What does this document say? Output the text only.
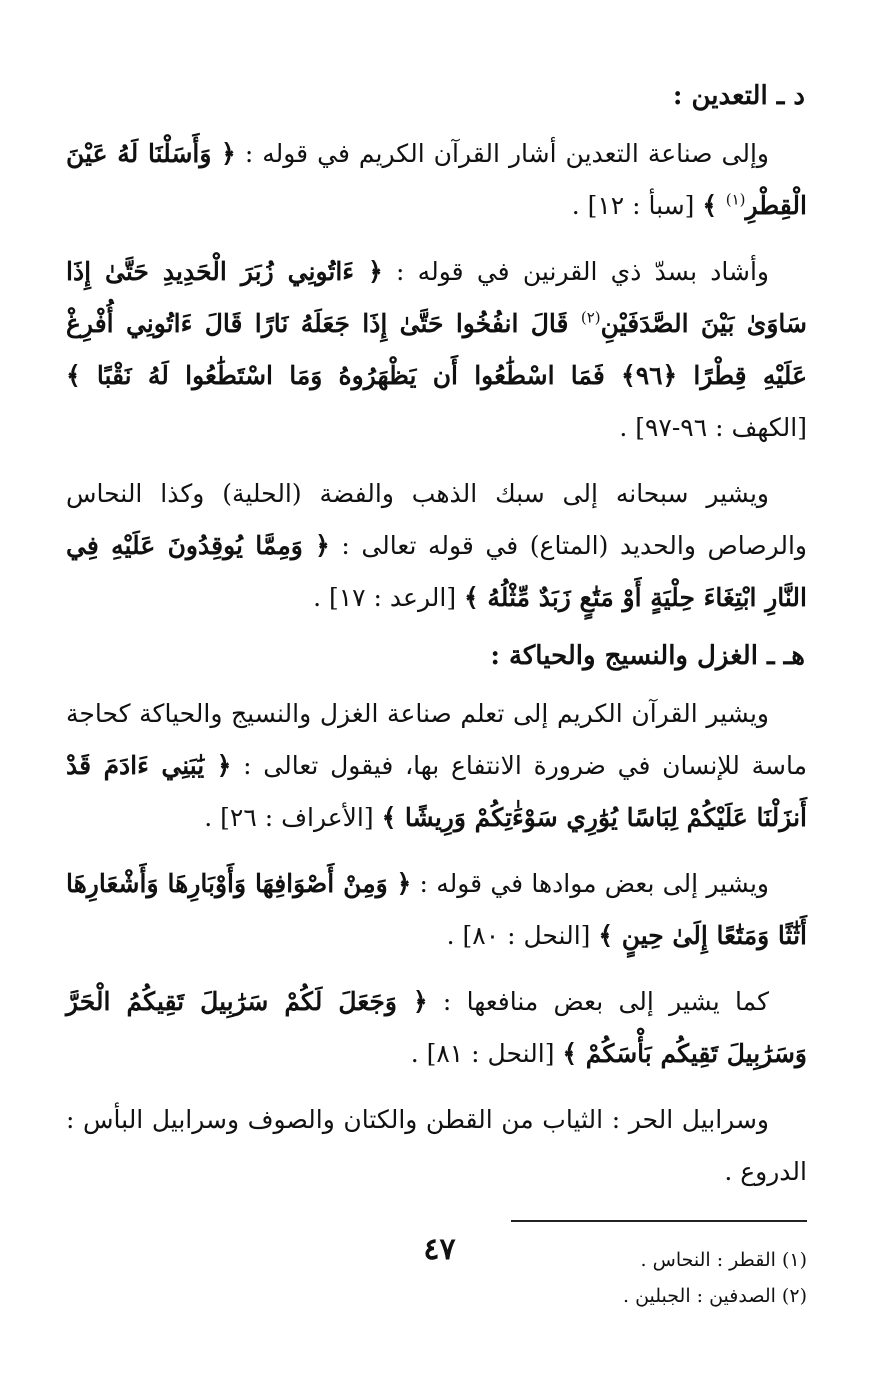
د ـ التعدين :

وإلى صناعة التعدين أشار القرآن الكريم في قوله : ﴿ وَأَسَلْنَا لَهُ عَيْنَ الْقِطْرِ$^{(١)}$ ﴾ [سبأ : ١٢] .

وأشاد بسدّ ذي القرنين في قوله : ﴿ ءَاتُونِي زُبَرَ الْحَدِيدِ حَتَّىٰ إِذَا سَاوَىٰ بَيْنَ الصَّدَفَيْنِ$^{(٢)}$ قَالَ انفُخُوا حَتَّىٰ إِذَا جَعَلَهُ نَارًا قَالَ ءَاتُونِي أُفْرِغْ عَلَيْهِ قِطْرًا ﴿٩٦﴾ فَمَا اسْطَٰعُوا أَن يَظْهَرُوهُ وَمَا اسْتَطَٰعُوا لَهُ نَقْبًا ﴾ [الكهف : ٩٦-٩٧] .

ويشير سبحانه إلى سبك الذهب والفضة (الحلية) وكذا النحاس والرصاص والحديد (المتاع) في قوله تعالى : ﴿ وَمِمَّا يُوقِدُونَ عَلَيْهِ فِي النَّارِ ابْتِغَاءَ حِلْيَةٍ أَوْ مَتَٰعٍ زَبَدٌ مِّثْلُهُ ﴾ [الرعد : ١٧] .

هـ ـ الغزل والنسيج والحياكة :

ويشير القرآن الكريم إلى تعلم صناعة الغزل والنسيج والحياكة كحاجة ماسة للإنسان في ضرورة الانتفاع بها، فيقول تعالى : ﴿ يَٰبَنِي ءَادَمَ قَدْ أَنزَلْنَا عَلَيْكُمْ لِبَاسًا يُوَٰرِي سَوْءَٰتِكُمْ وَرِيشًا ﴾ [الأعراف : ٢٦] .

ويشير إلى بعض موادها في قوله : ﴿ وَمِنْ أَصْوَافِهَا وَأَوْبَارِهَا وَأَشْعَارِهَا أَثَٰثًا وَمَتَٰعًا إِلَىٰ حِينٍ ﴾ [النحل : ٨٠] .

كما يشير إلى بعض منافعها : ﴿ وَجَعَلَ لَكُمْ سَرَٰبِيلَ تَقِيكُمُ الْحَرَّ وَسَرَٰبِيلَ تَقِيكُم بَأْسَكُمْ ﴾ [النحل : ٨١] .

وسرابيل الحر : الثياب من القطن والكتان والصوف وسرابيل البأس : الدروع .

(١) القطر : النحاس .

(٢) الصدفين : الجبلين .

٤٧
